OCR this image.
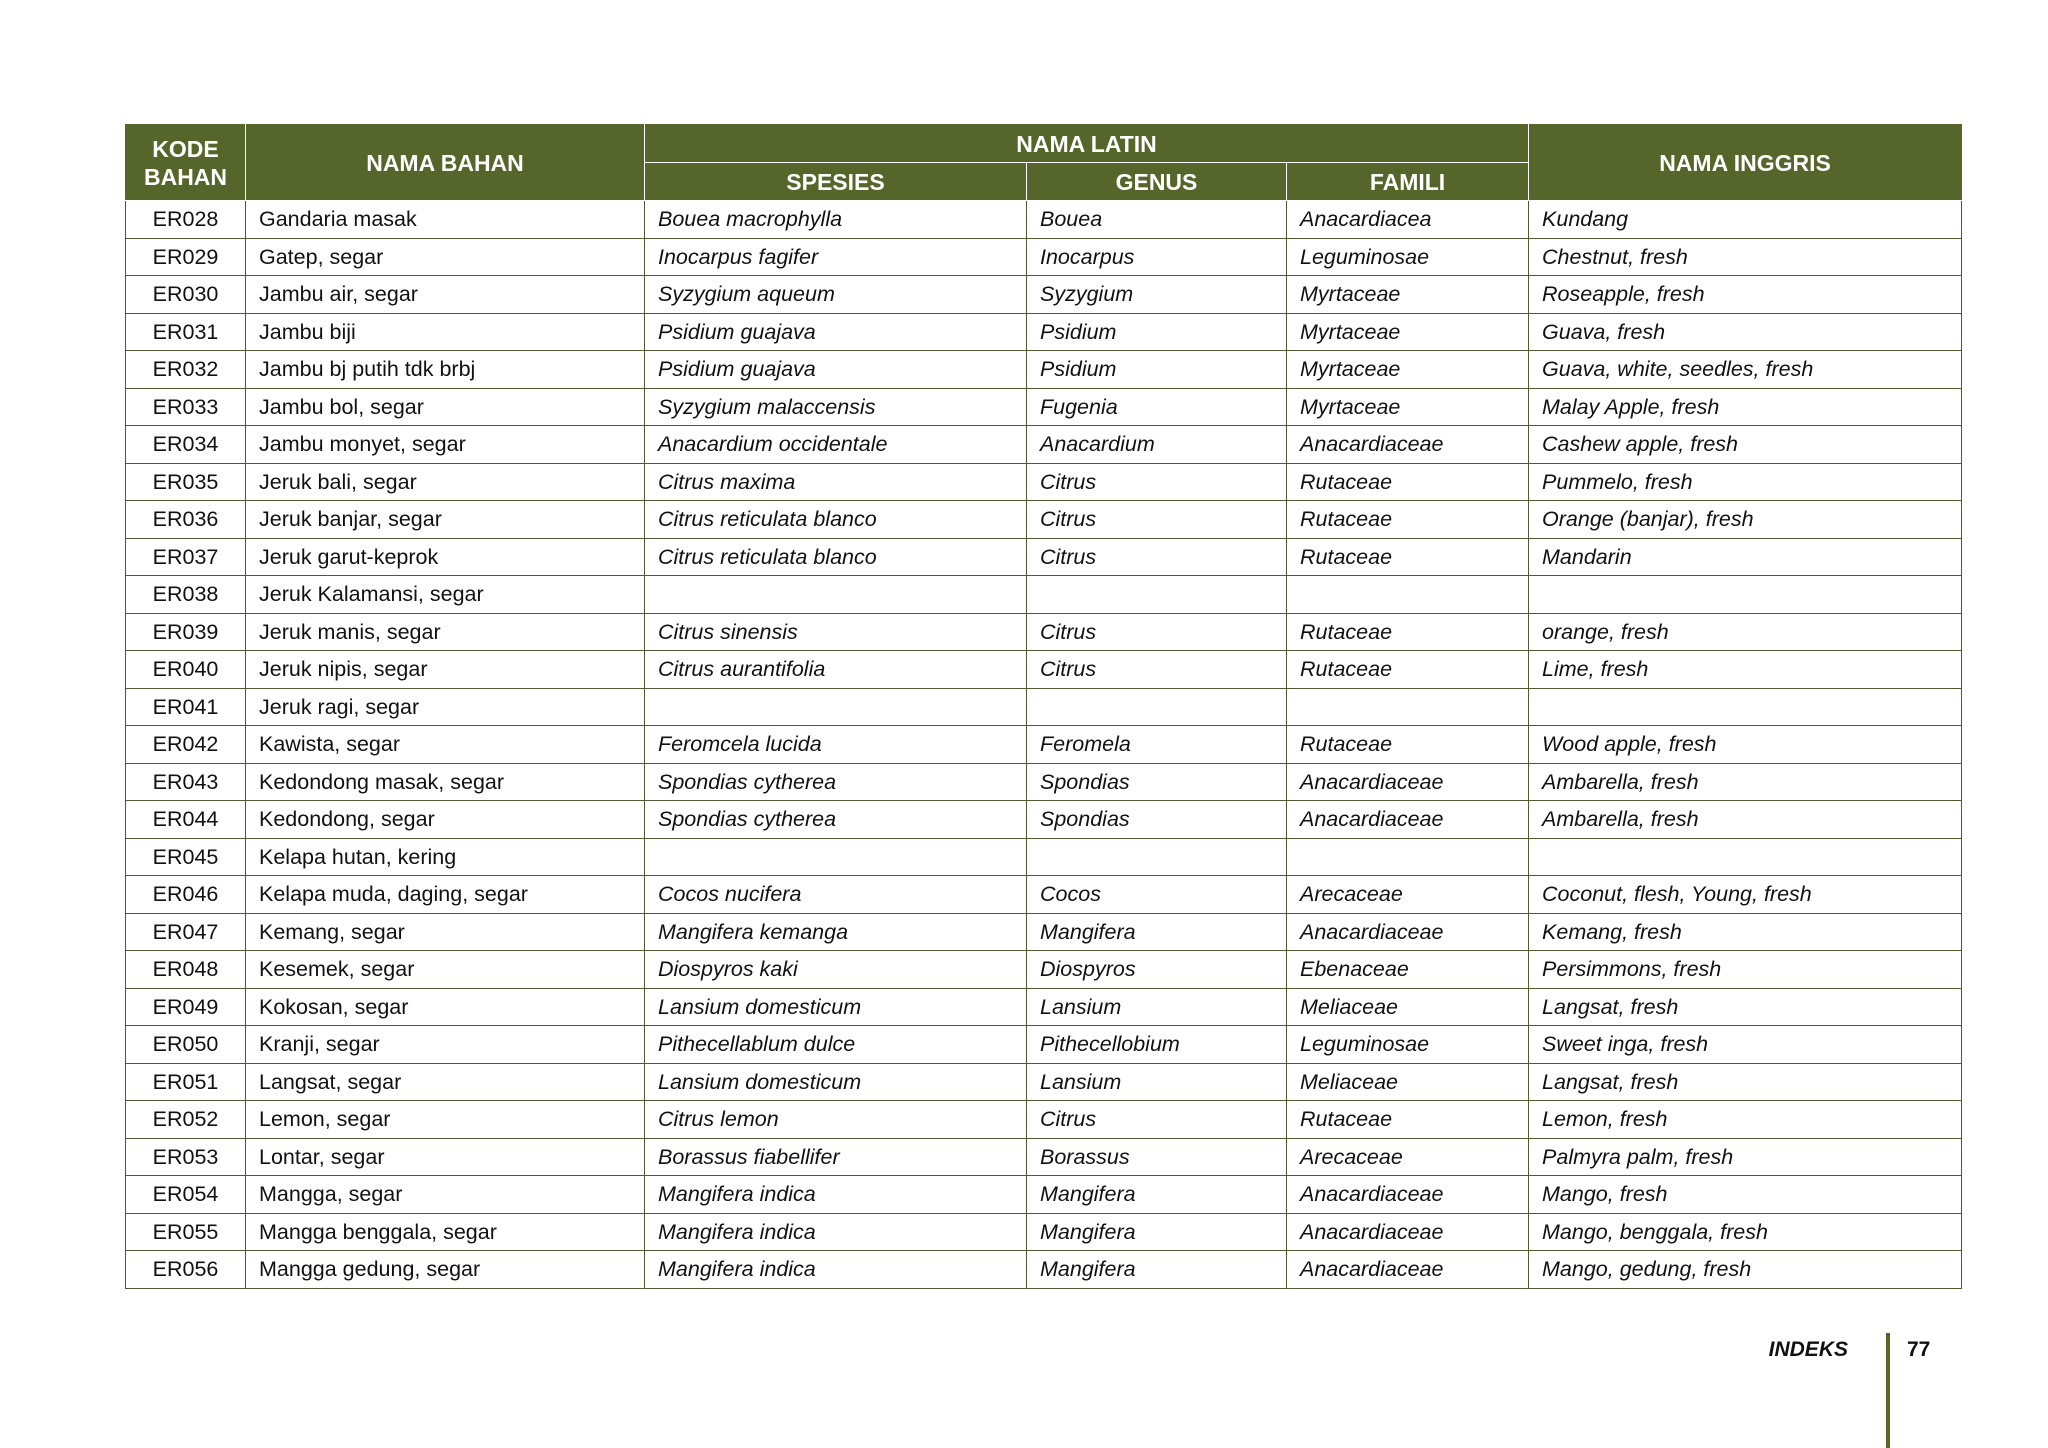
KODE BAHAN	NAMA BAHAN	NAMA LATIN			NAMA INGGRIS
		SPESIES	GENUS	FAMILI	
ER028	Gandaria masak	Bouea macrophylla	Bouea	Anacardiacea	Kundang
ER029	Gatep, segar	Inocarpus fagifer	Inocarpus	Leguminosae	Chestnut, fresh
ER030	Jambu air, segar	Syzygium aqueum	Syzygium	Myrtaceae	Roseapple, fresh
ER031	Jambu biji	Psidium guajava	Psidium	Myrtaceae	Guava, fresh
ER032	Jambu bj putih tdk brbj	Psidium guajava	Psidium	Myrtaceae	Guava, white, seedles, fresh
ER033	Jambu bol, segar	Syzygium malaccensis	Fugenia	Myrtaceae	Malay Apple, fresh
ER034	Jambu monyet, segar	Anacardium occidentale	Anacardium	Anacardiaceae	Cashew apple, fresh
ER035	Jeruk bali, segar	Citrus maxima	Citrus	Rutaceae	Pummelo, fresh
ER036	Jeruk banjar, segar	Citrus reticulata blanco	Citrus	Rutaceae	Orange (banjar), fresh
ER037	Jeruk garut-keprok	Citrus reticulata blanco	Citrus	Rutaceae	Mandarin
ER038	Jeruk Kalamansi, segar				
ER039	Jeruk manis, segar	Citrus sinensis	Citrus	Rutaceae	orange, fresh
ER040	Jeruk nipis, segar	Citrus aurantifolia	Citrus	Rutaceae	Lime, fresh
ER041	Jeruk ragi, segar				
ER042	Kawista, segar	Feromcela lucida	Feromela	Rutaceae	Wood apple, fresh
ER043	Kedondong masak, segar	Spondias cytherea	Spondias	Anacardiaceae	Ambarella, fresh
ER044	Kedondong, segar	Spondias cytherea	Spondias	Anacardiaceae	Ambarella, fresh
ER045	Kelapa hutan, kering				
ER046	Kelapa muda, daging, segar	Cocos nucifera	Cocos	Arecaceae	Coconut, flesh, Young, fresh
ER047	Kemang, segar	Mangifera kemanga	Mangifera	Anacardiaceae	Kemang, fresh
ER048	Kesemek, segar	Diospyros kaki	Diospyros	Ebenaceae	Persimmons, fresh
ER049	Kokosan, segar	Lansium domesticum	Lansium	Meliaceae	Langsat, fresh
ER050	Kranji, segar	Pithecellablum dulce	Pithecellobium	Leguminosae	Sweet inga, fresh
ER051	Langsat, segar	Lansium domesticum	Lansium	Meliaceae	Langsat, fresh
ER052	Lemon, segar	Citrus lemon	Citrus	Rutaceae	Lemon, fresh
ER053	Lontar, segar	Borassus fiabellifer	Borassus	Arecaceae	Palmyra palm, fresh
ER054	Mangga, segar	Mangifera indica	Mangifera	Anacardiaceae	Mango, fresh
ER055	Mangga benggala, segar	Mangifera indica	Mangifera	Anacardiaceae	Mango, benggala, fresh
ER056	Mangga gedung, segar	Mangifera indica	Mangifera	Anacardiaceae	Mango, gedung, fresh
INDEKS	77
